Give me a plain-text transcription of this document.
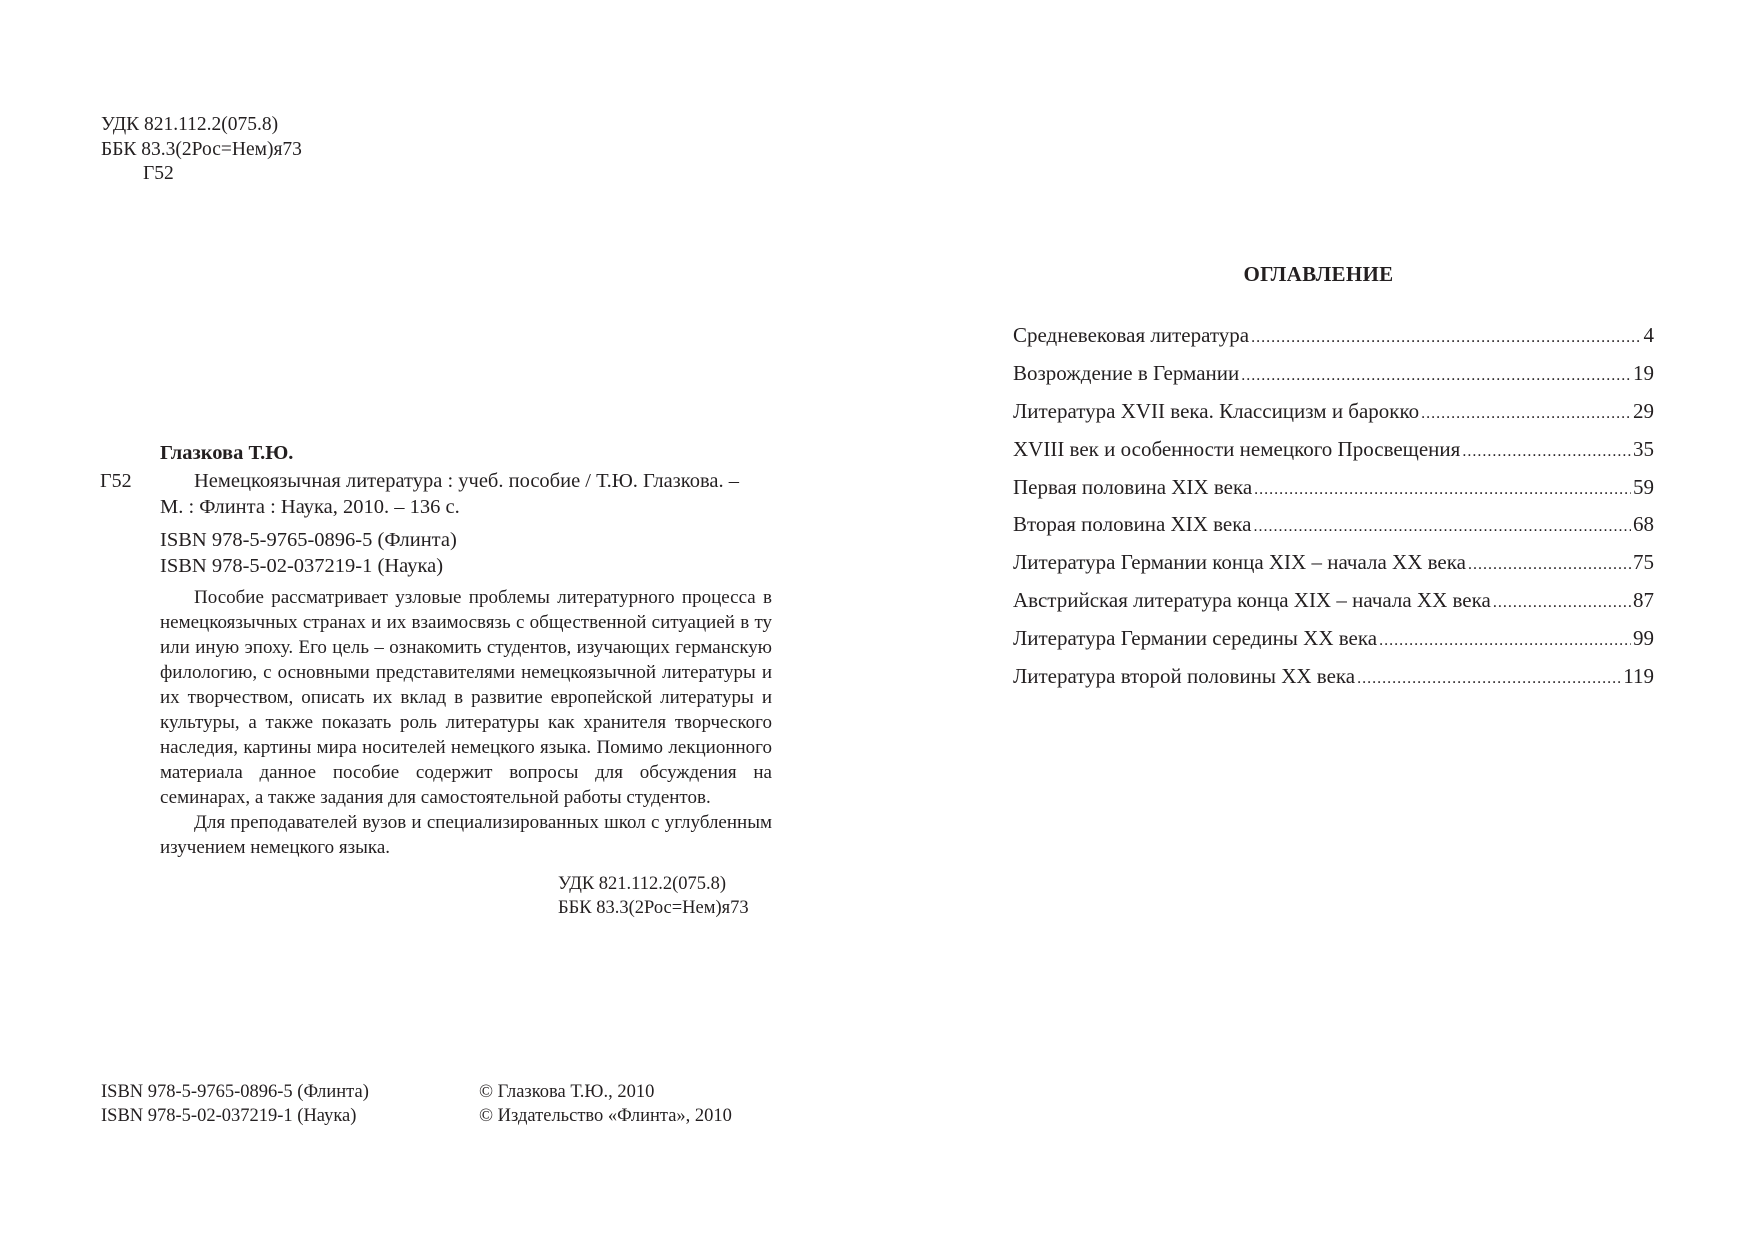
УДК 821.112.2(075.8)
ББК 83.3(2Рос=Нем)я73
Г52
Г52
Глазкова Т.Ю.
Немецкоязычная литература : учеб. пособие / Т.Ю. Глазкова. –
М. : Флинта : Наука, 2010. – 136 с.
ISBN 978-5-9765-0896-5 (Флинта)
ISBN 978-5-02-037219-1 (Наука)

Пособие рассматривает узловые проблемы литературного процесса в немецкоязычных странах и их взаимосвязь с общественной ситуацией в ту или иную эпоху. Его цель – ознакомить студентов, изучающих германскую филологию, с основными представителями немецкоязычной литературы и их творчеством, описать их вклад в развитие европейской литературы и культуры, а также показать роль литературы как хранителя творческого наследия, картины мира носителей немецкого языка. Помимо лекционного материала данное пособие содержит вопросы для обсуждения на семинарах, а также задания для самостоятельной работы студентов.

Для преподавателей вузов и специализированных школ с углубленным изучением немецкого языка.

УДК 821.112.2(075.8)
ББК 83.3(2Рос=Нем)я73
ISBN 978-5-9765-0896-5 (Флинта)
ISBN 978-5-02-037219-1 (Наука)
© Глазкова Т.Ю., 2010
© Издательство «Флинта», 2010
ОГЛАВЛЕНИЕ
Средневековая литература .....	4
Возрождение в Германии .....	19
Литература XVII века. Классицизм и барокко .....	29
XVIII век и особенности немецкого Просвещения .....	35
Первая половина XIX века .....	59
Вторая половина XIX века .....	68
Литература Германии конца XIX – начала XX века .....	75
Австрийская литература конца XIX – начала XX века .....	87
Литература Германии середины XX века .....	99
Литература второй половины XX века .....	119
